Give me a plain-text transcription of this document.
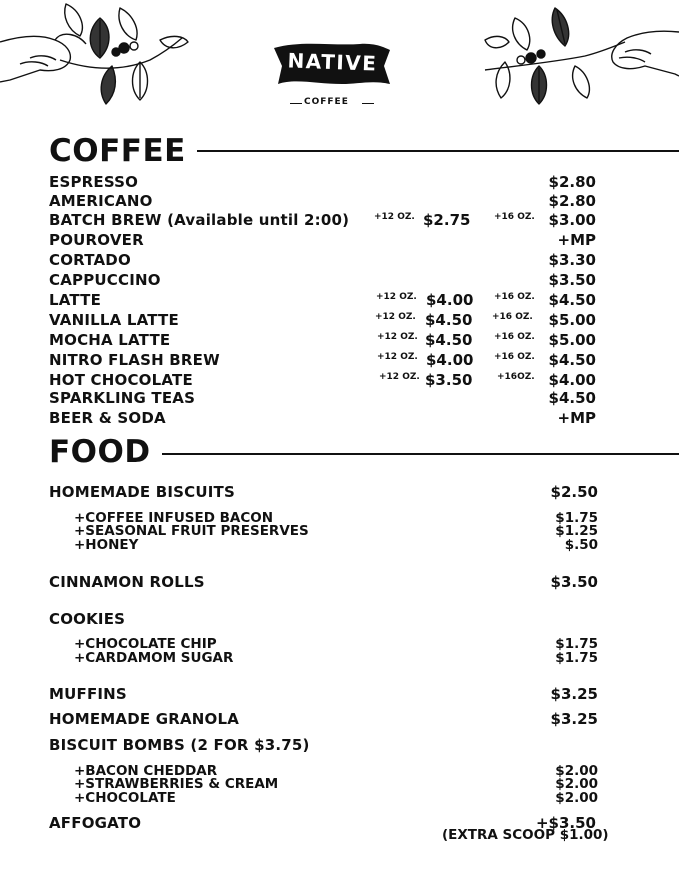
NATIVE
COFFEE
COFFEE
ESPRESSO	$2.80
AMERICANO	$2.80
BATCH BREW (Available until 2:00)	+12 OZ. $2.75	+16 OZ. $3.00
POUROVER	+MP
CORTADO	$3.30
CAPPUCCINO	$3.50
LATTE	+12 OZ. $4.00 +16 OZ. $4.50
VANILLA LATTE	+12 OZ. $4.50 +16 OZ.	$5.00
MOCHA LATTE	+12 OZ. $4.50 +16 OZ. $5.00
NITRO FLASH BREW	+12 OZ. $4.00 +16 OZ. $4.50
HOT CHOCOLATE	+12 OZ. $3.50	+16OZ. $4.00
SPARKLING TEAS	$4.50
BEER & SODA	+MP
FOOD
HOMEMADE BISCUITS	$2.50
+COFFEE INFUSED BACON	$1.75
+SEASONAL FRUIT PRESERVES	$1.25
+HONEY	$.50
CINNAMON ROLLS	$3.50
COOKIES
+CHOCOLATE CHIP	$1.75
+CARDAMOM SUGAR	$1.75
MUFFINS	$3.25
HOMEMADE GRANOLA	$3.25
BISCUIT BOMBS (2 FOR $3.75)
+BACON CHEDDAR	$2.00
+STRAWBERRIES & CREAM	$2.00
+CHOCOLATE	$2.00
AFFOGATO	+$3.50
(EXTRA SCOOP $1.00)
